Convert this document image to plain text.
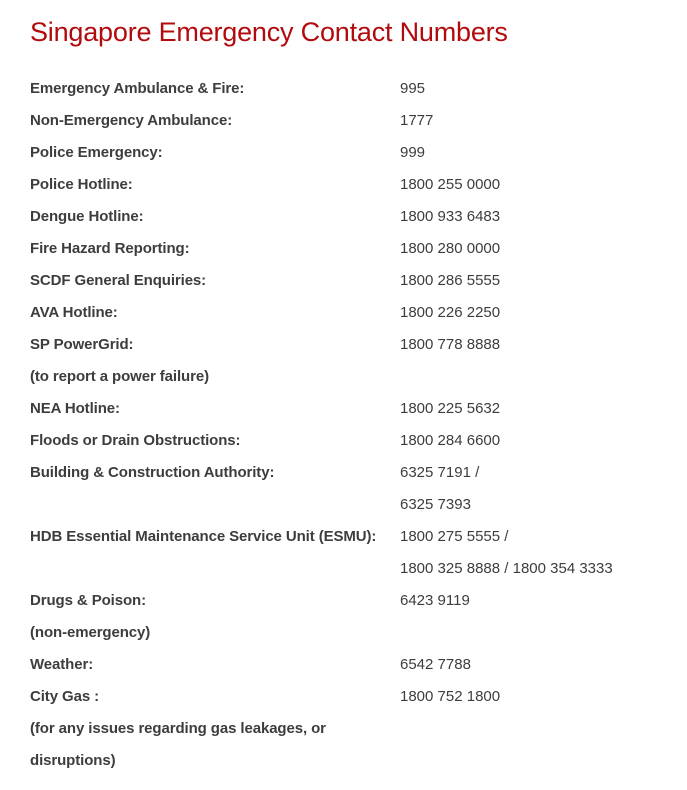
Singapore Emergency Contact Numbers
Emergency Ambulance & Fire:	995
Non-Emergency Ambulance:	1777
Police Emergency:	999
Police Hotline:	1800 255 0000
Dengue Hotline:	1800 933 6483
Fire Hazard Reporting:	1800 280 0000
SCDF General Enquiries:	1800 286 5555
AVA Hotline:	1800 226 2250
SP PowerGrid:	1800 778 8888
(to report a power failure)
NEA Hotline:	1800 225 5632
Floods or Drain Obstructions:	1800 284 6600
Building & Construction Authority:	6325 7191 /
6325 7393
HDB Essential Maintenance Service Unit (ESMU):	1800 275 5555 /
1800 325 8888 / 1800 354 3333
Drugs & Poison:	6423 9119
(non-emergency)
Weather:	6542 7788
City Gas :	1800 752 1800
(for any issues regarding gas leakages, or
disruptions)
